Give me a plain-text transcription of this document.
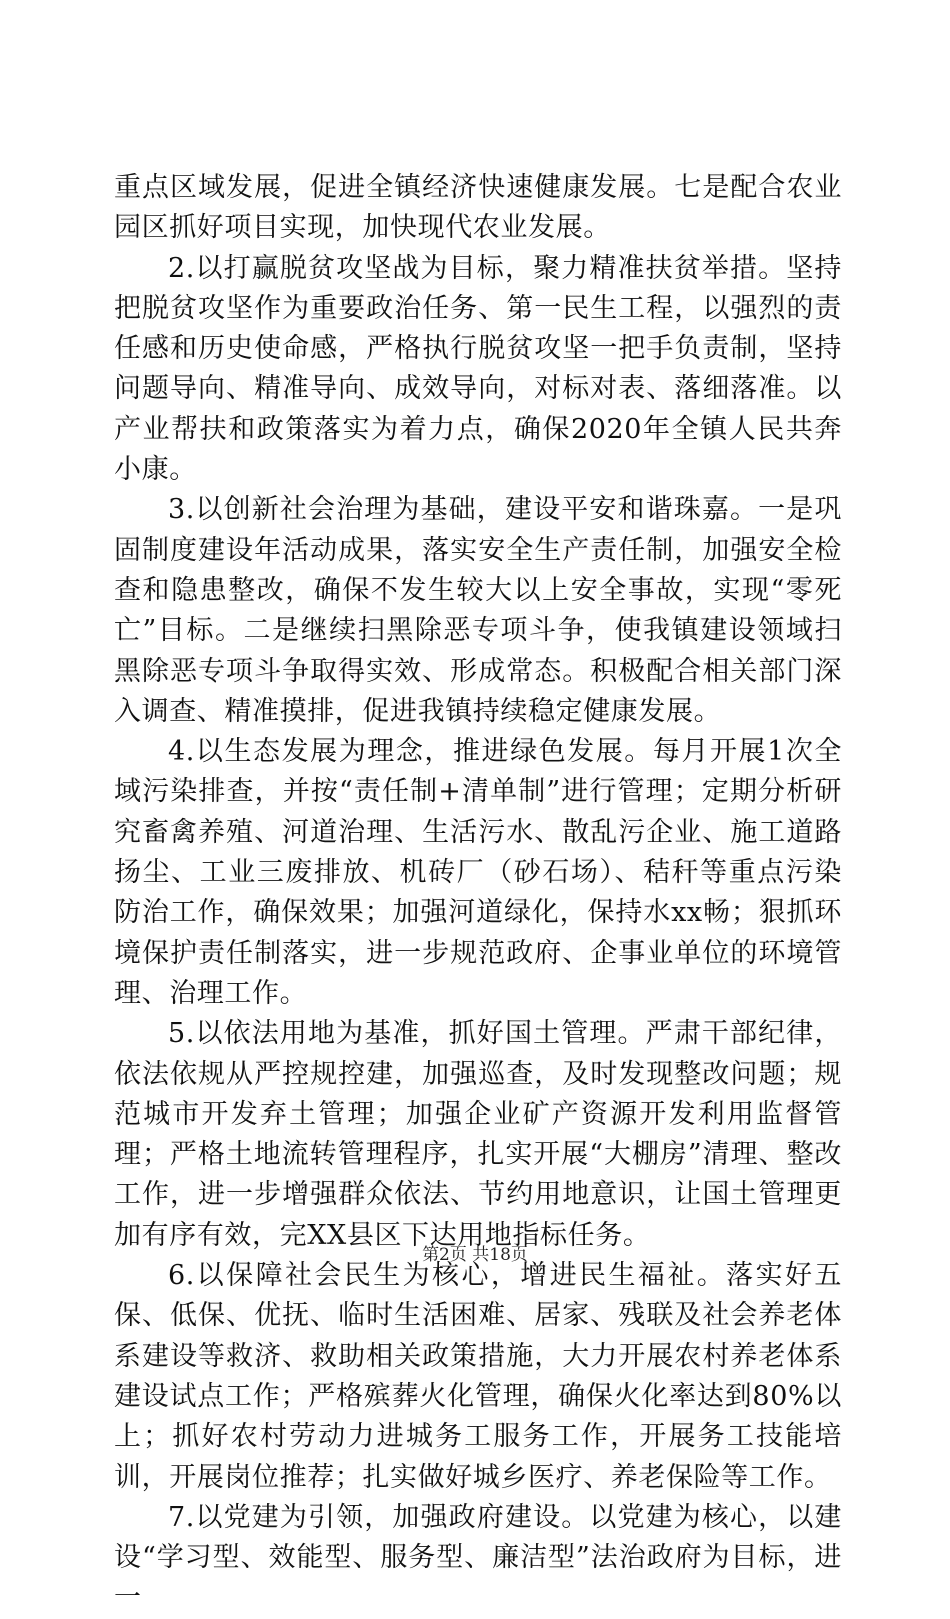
重点区域发展，促进全镇经济快速健康发展。七是配合农业园区抓好项目实现，加快现代农业发展。

2.以打赢脱贫攻坚战为目标，聚力精准扶贫举措。坚持把脱贫攻坚作为重要政治任务、第一民生工程，以强烈的责任感和历史使命感，严格执行脱贫攻坚一把手负责制，坚持问题导向、精准导向、成效导向，对标对表、落细落准。以产业帮扶和政策落实为着力点，确保2020年全镇人民共奔小康。

3.以创新社会治理为基础，建设平安和谐珠嘉。一是巩固制度建设年活动成果，落实安全生产责任制，加强安全检查和隐患整改，确保不发生较大以上安全事故，实现“零死亡”目标。二是继续扫黑除恶专项斗争，使我镇建设领域扫黑除恶专项斗争取得实效、形成常态。积极配合相关部门深入调查、精准摸排，促进我镇持续稳定健康发展。

4.以生态发展为理念，推进绿色发展。每月开展1次全域污染排查，并按“责任制+清单制”进行管理；定期分析研究畜禽养殖、河道治理、生活污水、散乱污企业、施工道路扬尘、工业三废排放、机砖厂（砂石场）、秸秆等重点污染防治工作，确保效果；加强河道绿化，保持水xx畅；狠抓环境保护责任制落实，进一步规范政府、企事业单位的环境管理、治理工作。

5.以依法用地为基准，抓好国土管理。严肃干部纪律，依法依规从严控规控建，加强巡查，及时发现整改问题；规范城市开发弃土管理；加强企业矿产资源开发利用监督管理；严格土地流转管理程序，扎实开展“大棚房”清理、整改工作，进一步增强群众依法、节约用地意识，让国土管理更加有序有效，完XX县区下达用地指标任务。

6.以保障社会民生为核心，增进民生福祉。落实好五保、低保、优抚、临时生活困难、居家、残联及社会养老体系建设等救济、救助相关政策措施，大力开展农村养老体系建设试点工作；严格殡葬火化管理，确保火化率达到80%以上；抓好农村劳动力进城务工服务工作，开展务工技能培训，开展岗位推荐；扎实做好城乡医疗、养老保险等工作。

7.以党建为引领，加强政府建设。以党建为核心，以建设“学习型、效能型、服务型、廉洁型”法治政府为目标，进一

第2页 共18页
